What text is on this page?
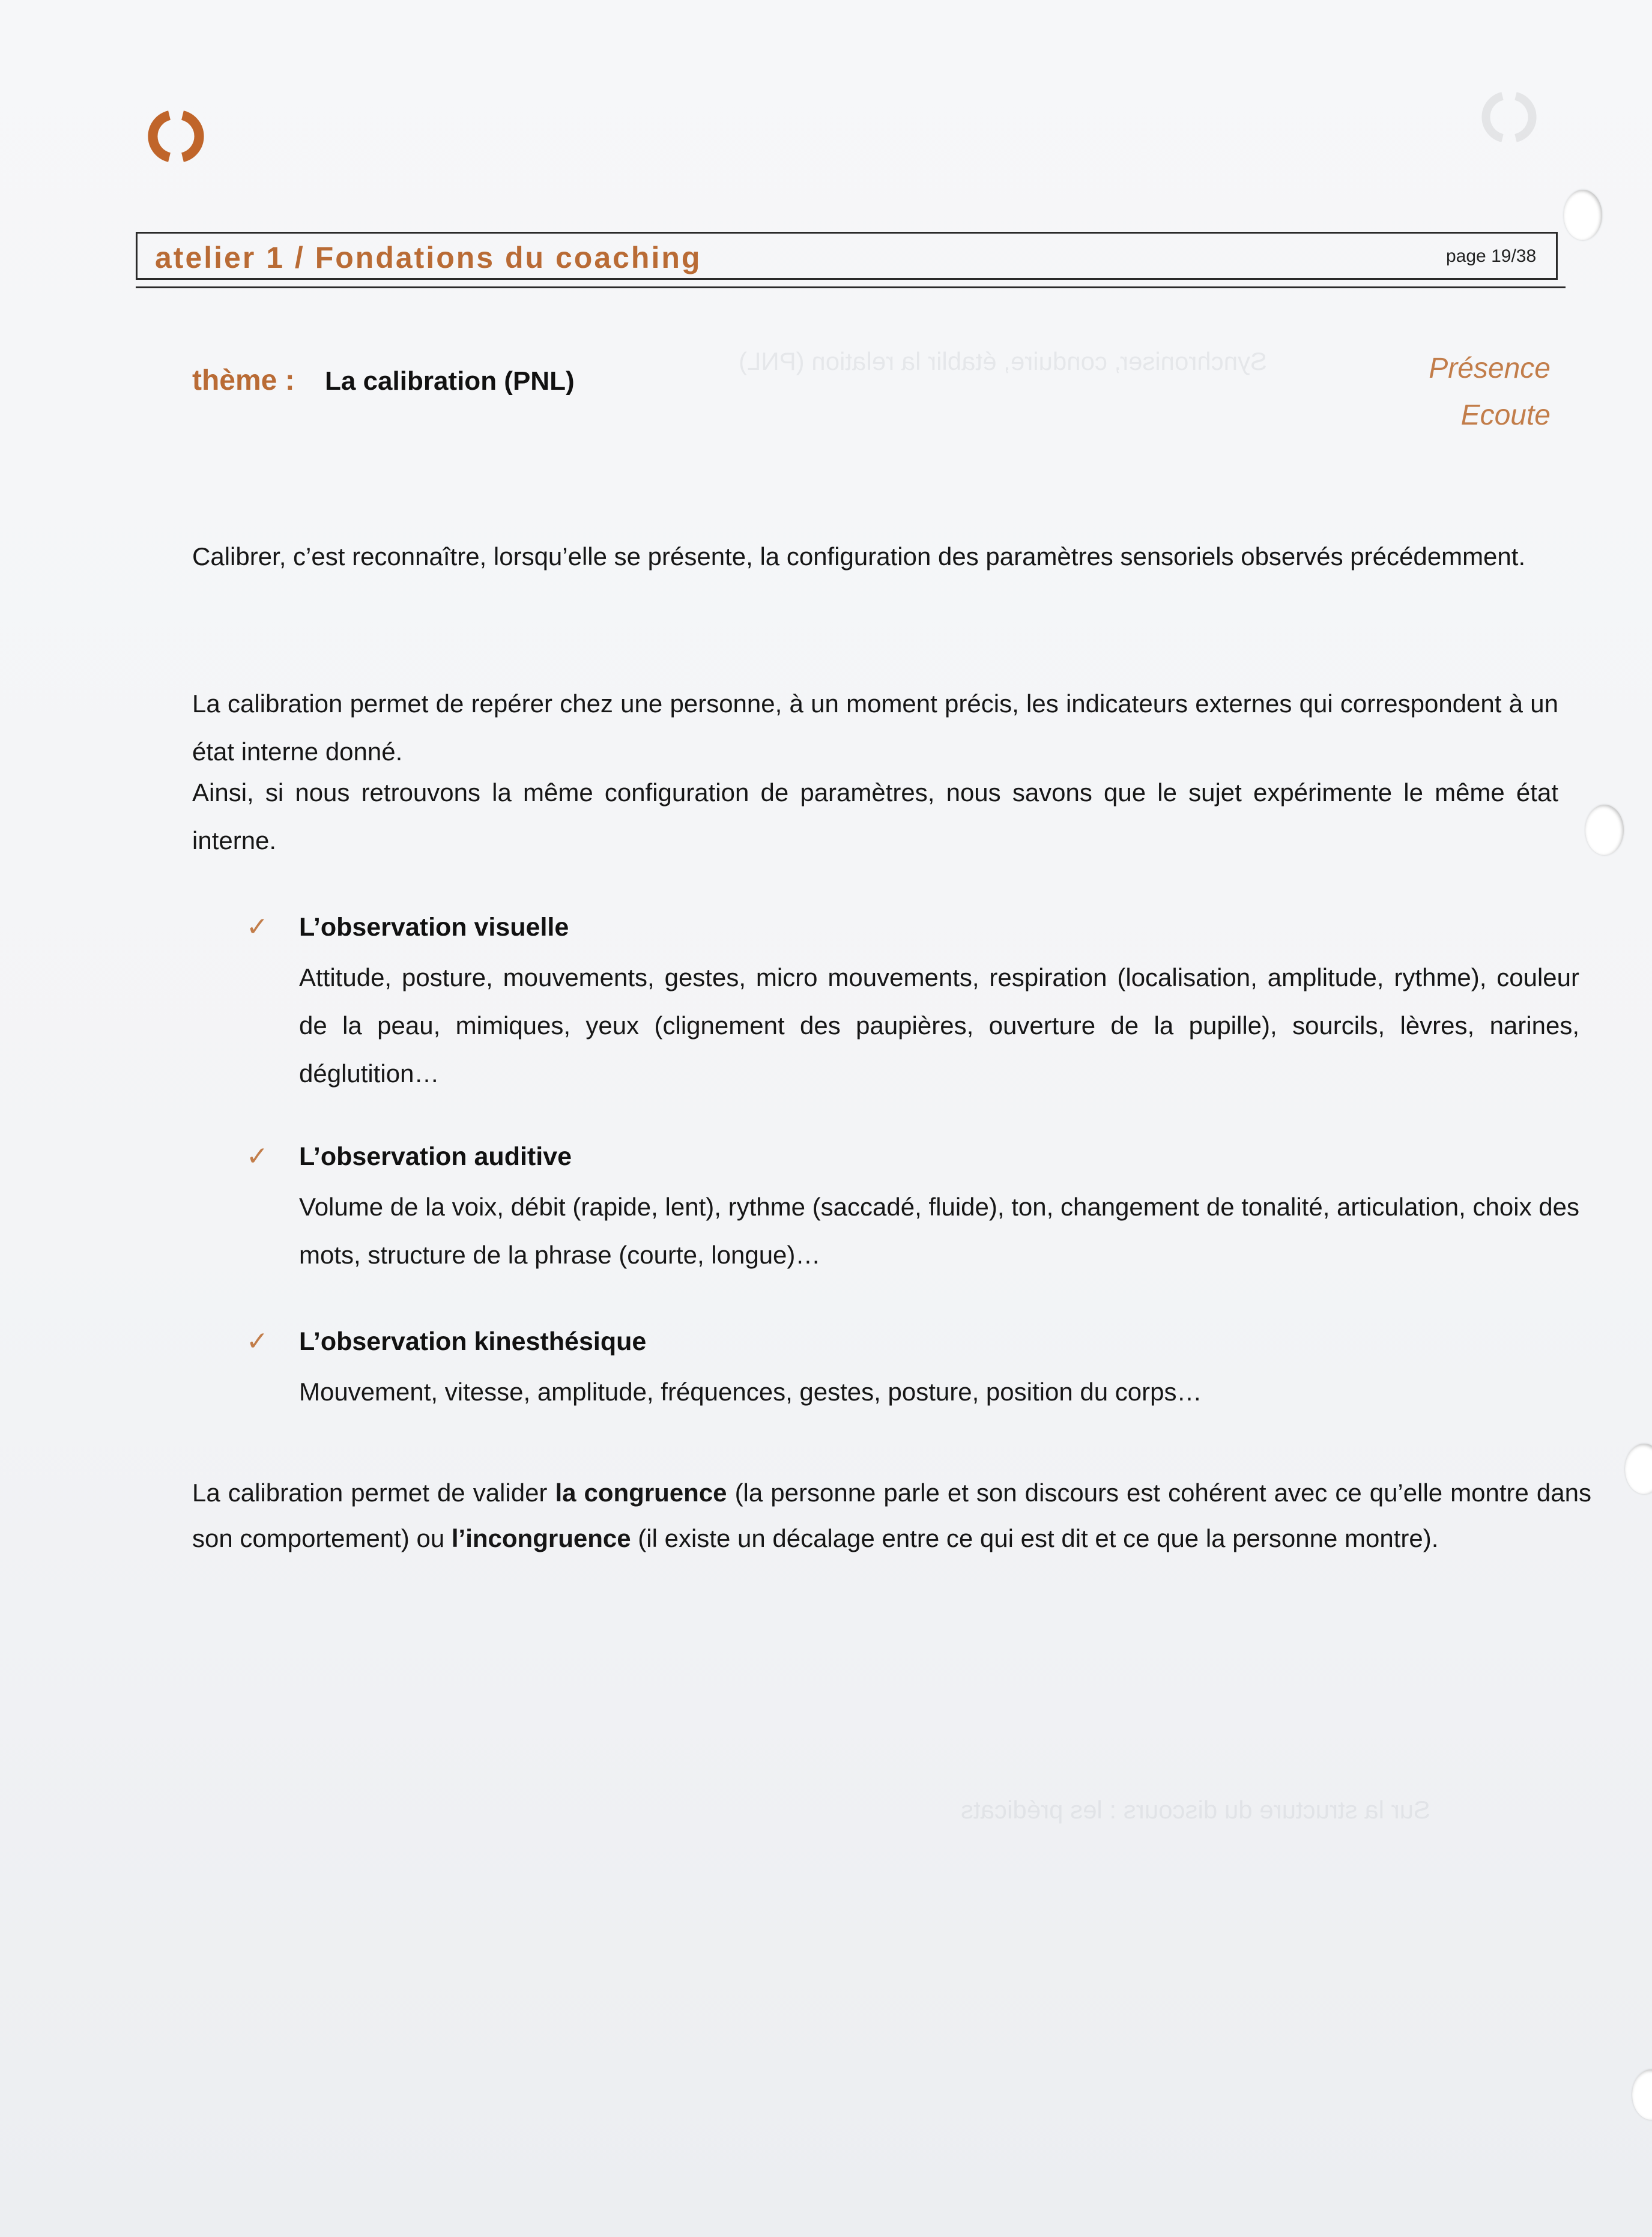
Synchroniser, conduire, établir la relation (PNL)
Sur la structure du discours : les prédicats
atelier 1 / Fondations du coaching	page 19/38
thème : La calibration (PNL)	Présence
Ecoute
Calibrer, c’est reconnaître, lorsqu’elle se présente, la configuration des paramètres sensoriels observés précédemment.
La calibration permet de repérer chez une personne, à un moment précis, les indicateurs externes qui correspondent à un état interne donné.
Ainsi, si nous retrouvons la même configuration de paramètres, nous savons que le sujet expérimente le même état interne.
✓ L’observation visuelle
Attitude, posture, mouvements, gestes, micro mouvements, respiration (localisation, amplitude, rythme), couleur de la peau, mimiques, yeux (clignement des paupières, ouverture de la pupille), sourcils, lèvres, narines, déglutition…
✓ L’observation auditive
Volume de la voix, débit (rapide, lent), rythme (saccadé, fluide), ton, changement de tonalité, articulation, choix des mots, structure de la phrase (courte, longue)…
✓ L’observation kinesthésique
Mouvement, vitesse, amplitude, fréquences, gestes, posture, position du corps…
La calibration permet de valider la congruence (la personne parle et son discours est cohérent avec ce qu’elle montre dans son comportement) ou l’incongruence (il existe un décalage entre ce qui est dit et ce que la personne montre).
